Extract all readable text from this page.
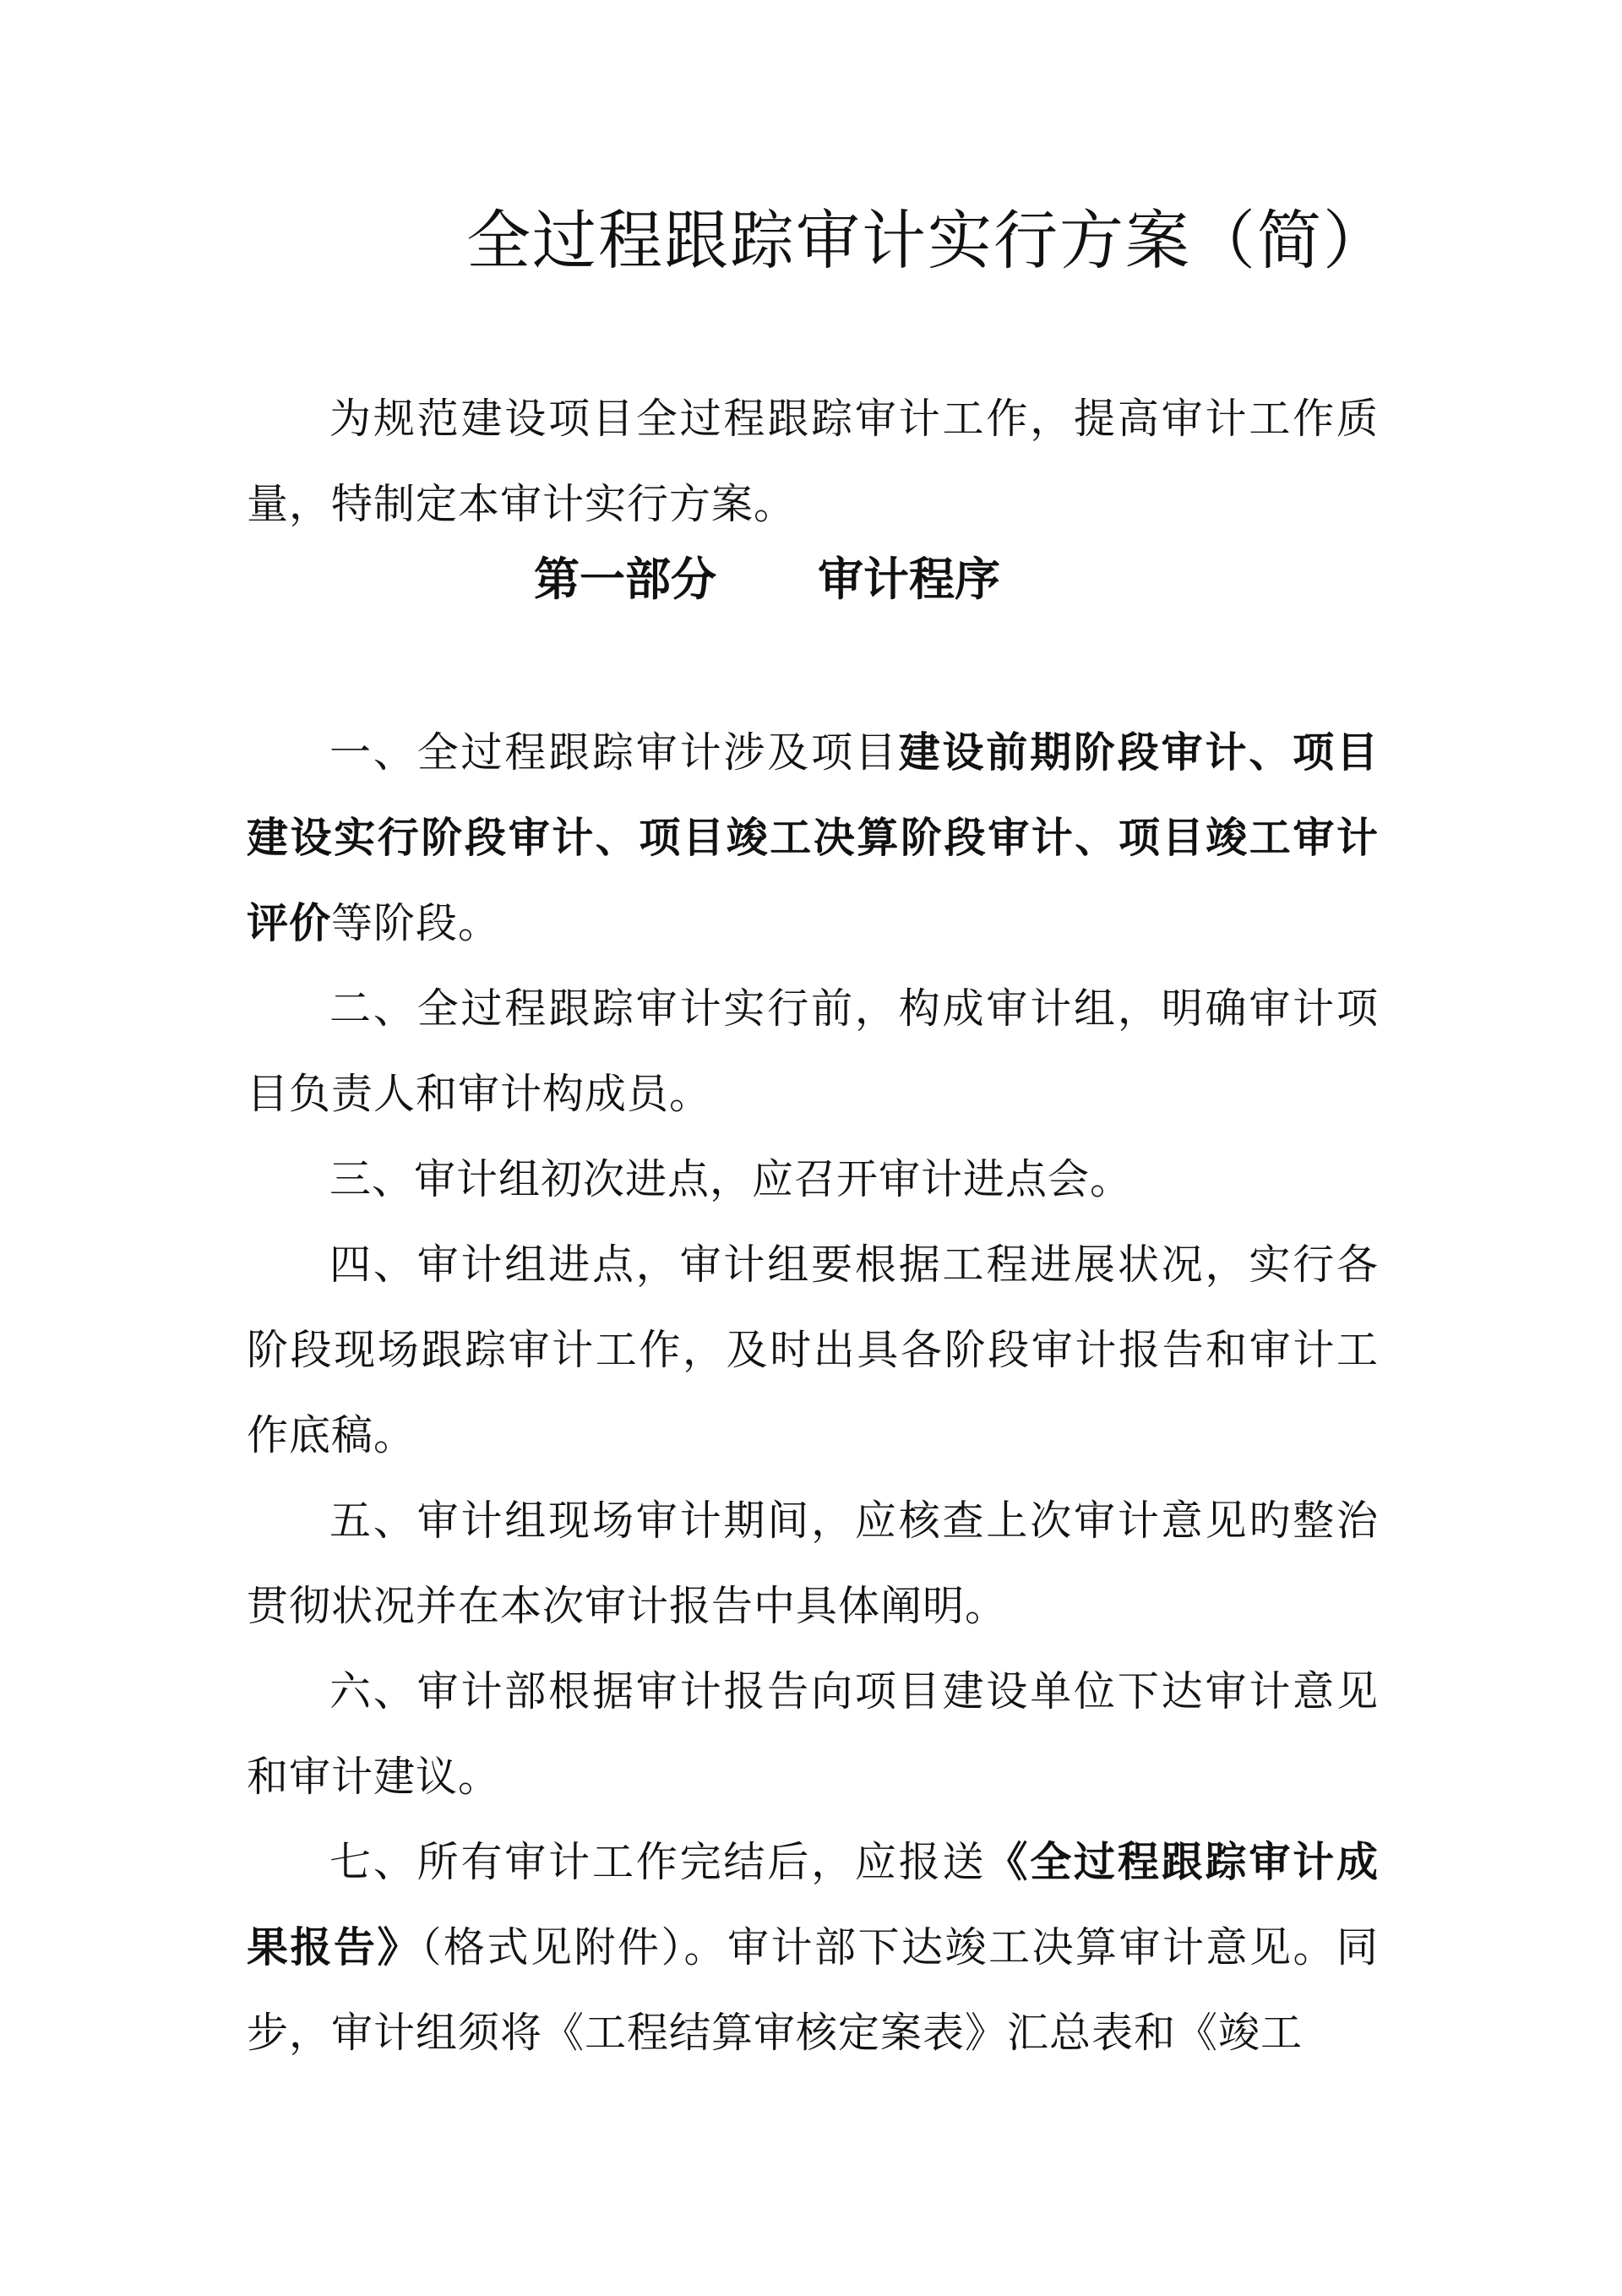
全过程跟踪审计实行方案（简）

为规范建设项目全过程跟踪审计工作，提高审计工作质量，特制定本审计实行方案。

第一部分 审计程序

一、全过程跟踪审计涉及项目建设前期阶段审计、项目建设实行阶段审计、项目竣工决算阶段审计、项目竣工审计评价等阶段。

二、全过程跟踪审计实行前，构成审计组，明确审计项目负责人和审计构成员。

三、审计组初次进点，应召开审计进点会。

四、审计组进点，审计组要根据工程进展状况，实行各阶段现场跟踪审计工作，及时出具各阶段审计报告和审计工作底稿。

五、审计组现场审计期间，应核查上次审计意见旳整治贯彻状况并在本次审计报告中具体阐明。

六、审计部根据审计报告向项目建设单位下达审计意见和审计建议。

七、所有审计工作完结后，应报送《全过程跟踪审计成果报告》（格式见附件）。审计部下达竣工决算审计意见。同步，审计组须将《工程结算审核定案表》汇总表和《竣工
